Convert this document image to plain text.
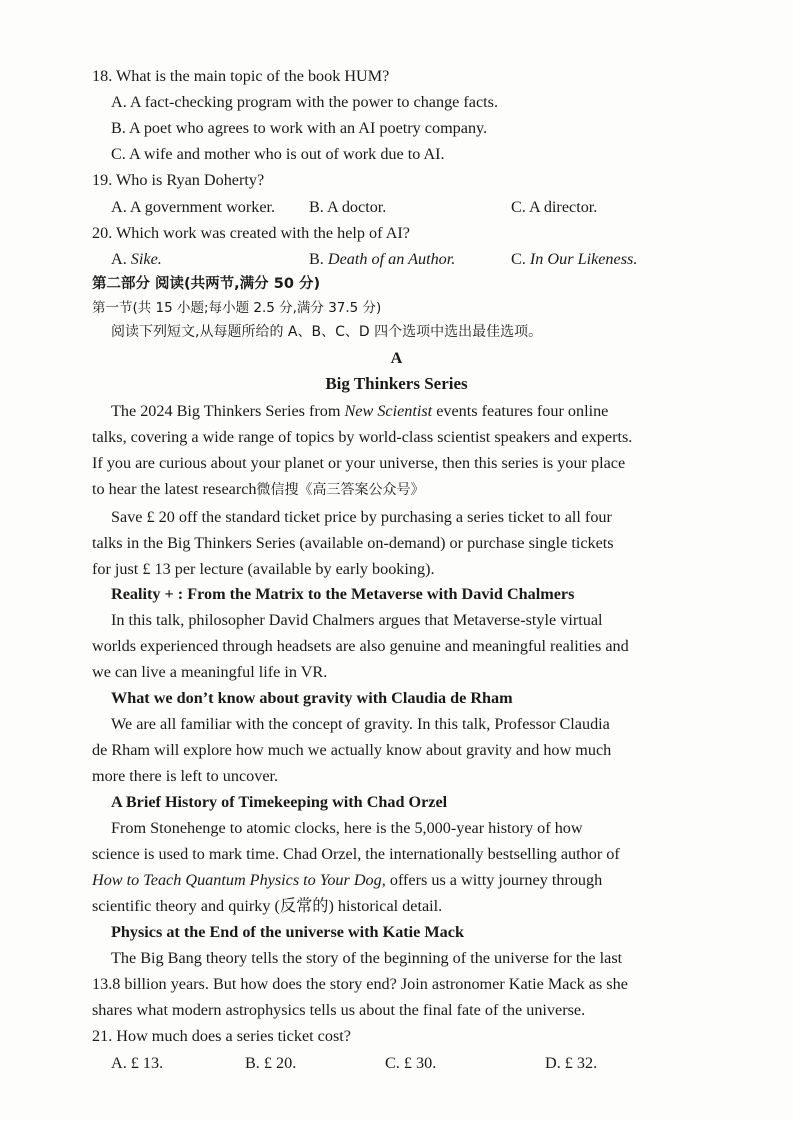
18. What is the main topic of the book HUM?
A. A fact-checking program with the power to change facts.
B. A poet who agrees to work with an AI poetry company.
C. A wife and mother who is out of work due to AI.
19. Who is Ryan Doherty?
A. A government worker. B. A doctor.	C. A director.
20. Which work was created with the help of AI?
A. Sike.	B. Death of an Author.	C. In Our Likeness.
第二部分 阅读(共两节,满分 50 分)
第一节(共 15 小题;每小题 2.5 分,满分 37.5 分)
阅读下列短文,从每题所给的 A、B、C、D 四个选项中选出最佳选项。
A
Big Thinkers Series
The 2024 Big Thinkers Series from New Scientist events features four online
talks, covering a wide range of topics by world-class scientist speakers and experts.
If you are curious about your planet or your universe, then this series is your place
to hear the latest research微信搜《高三答案公众号》
Save £ 20 off the standard ticket price by purchasing a series ticket to all four
talks in the Big Thinkers Series (available on-demand) or purchase single tickets
for just £ 13 per lecture (available by early booking).
Reality + : From the Matrix to the Metaverse with David Chalmers
In this talk, philosopher David Chalmers argues that Metaverse-style virtual
worlds experienced through headsets are also genuine and meaningful realities and
we can live a meaningful life in VR.
What we don’t know about gravity with Claudia de Rham
We are all familiar with the concept of gravity. In this talk, Professor Claudia
de Rham will explore how much we actually know about gravity and how much
more there is left to uncover.
A Brief History of Timekeeping with Chad Orzel
From Stonehenge to atomic clocks, here is the 5,000-year history of how
science is used to mark time. Chad Orzel, the internationally bestselling author of
How to Teach Quantum Physics to Your Dog, offers us a witty journey through
scientific theory and quirky (反常的) historical detail.
Physics at the End of the universe with Katie Mack
The Big Bang theory tells the story of the beginning of the universe for the last
13.8 billion years. But how does the story end? Join astronomer Katie Mack as she
shares what modern astrophysics tells us about the final fate of the universe.
21. How much does a series ticket cost?
A. £ 13.	B. £ 20.	C. £ 30.	D. £ 32.
